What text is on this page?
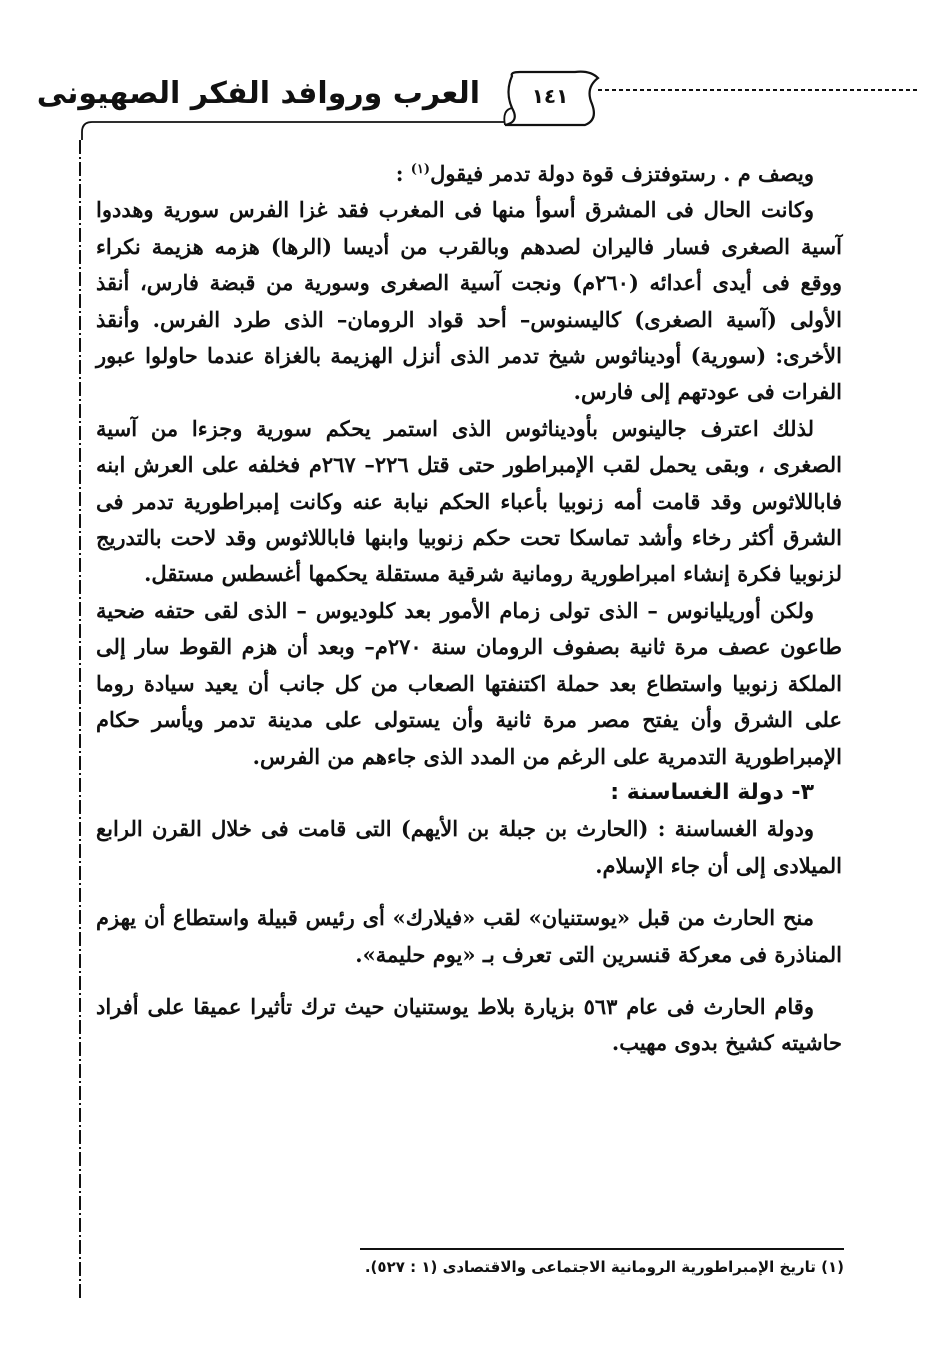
العرب وروافد الفكر الصهيونى	١٤١

ويصف م . رستوفتزف قوة دولة تدمر فيقول$^{(١)}$ :

وكانت الحال فى المشرق أسوأ منها فى المغرب فقد غزا الفرس سورية وهددوا آسية الصغرى فسار فاليران لصدهم وبالقرب من أديسا (الرها) هزمه هزيمة نكراء ووقع فى أيدى أعدائه (٢٦٠م) ونجت آسية الصغرى وسورية من قبضة فارس، أنقذ الأولى (آسية الصغرى) كاليسنوس– أحد قواد الرومان– الذى طرد الفرس. وأنقذ الأخرى: (سورية) أوديناثوس شيخ تدمر الذى أنزل الهزيمة بالغزاة عندما حاولوا عبور الفرات فى عودتهم إلى فارس.

لذلك اعترف جالينوس بأوديناثوس الذى استمر يحكم سورية وجزءا من آسية الصغرى ، وبقى يحمل لقب الإمبراطور حتى قتل ٢٢٦– ٢٦٧م فخلفه على العرش ابنه فاباللاثوس وقد قامت أمه زنوبيا بأعباء الحكم نيابة عنه وكانت إمبراطورية تدمر فى الشرق أكثر رخاء وأشد تماسكا تحت حكم زنوبيا وابنها فاباللاثوس وقد لاحت بالتدريج لزنوبيا فكرة إنشاء امبراطورية رومانية شرقية مستقلة يحكمها أغسطس مستقل.

ولكن أوريليانوس – الذى تولى زمام الأمور بعد كلوديوس – الذى لقى حتفه ضحية طاعون عصف مرة ثانية بصفوف الرومان سنة ٢٧٠م– وبعد أن هزم القوط سار إلى الملكة زنوبيا واستطاع بعد حملة اكتنفتها الصعاب من كل جانب أن يعيد سيادة روما على الشرق وأن يفتح مصر مرة ثانية وأن يستولى على مدينة تدمر ويأسر حكام الإمبراطورية التدمرية على الرغم من المدد الذى جاءهم من الفرس.

٣- دولة الغساسنة :

ودولة الغساسنة : (الحارث بن جبلة بن الأيهم) التى قامت فى خلال القرن الرابع الميلادى إلى أن جاء الإسلام.

منح الحارث من قبل «يوستنيان» لقب «فيلارك» أى رئيس قبيلة واستطاع أن يهزم المناذرة فى معركة قنسرين التى تعرف بـ «يوم حليمة».

وقام الحارث فى عام ٥٦٣ بزيارة بلاط يوستنيان حيث ترك تأثيرا عميقا على أفراد حاشيته كشيخ بدوى مهيب.

(١) تاريخ الإمبراطورية الرومانية الاجتماعى والاقتصادى (١ : ٥٢٧).
